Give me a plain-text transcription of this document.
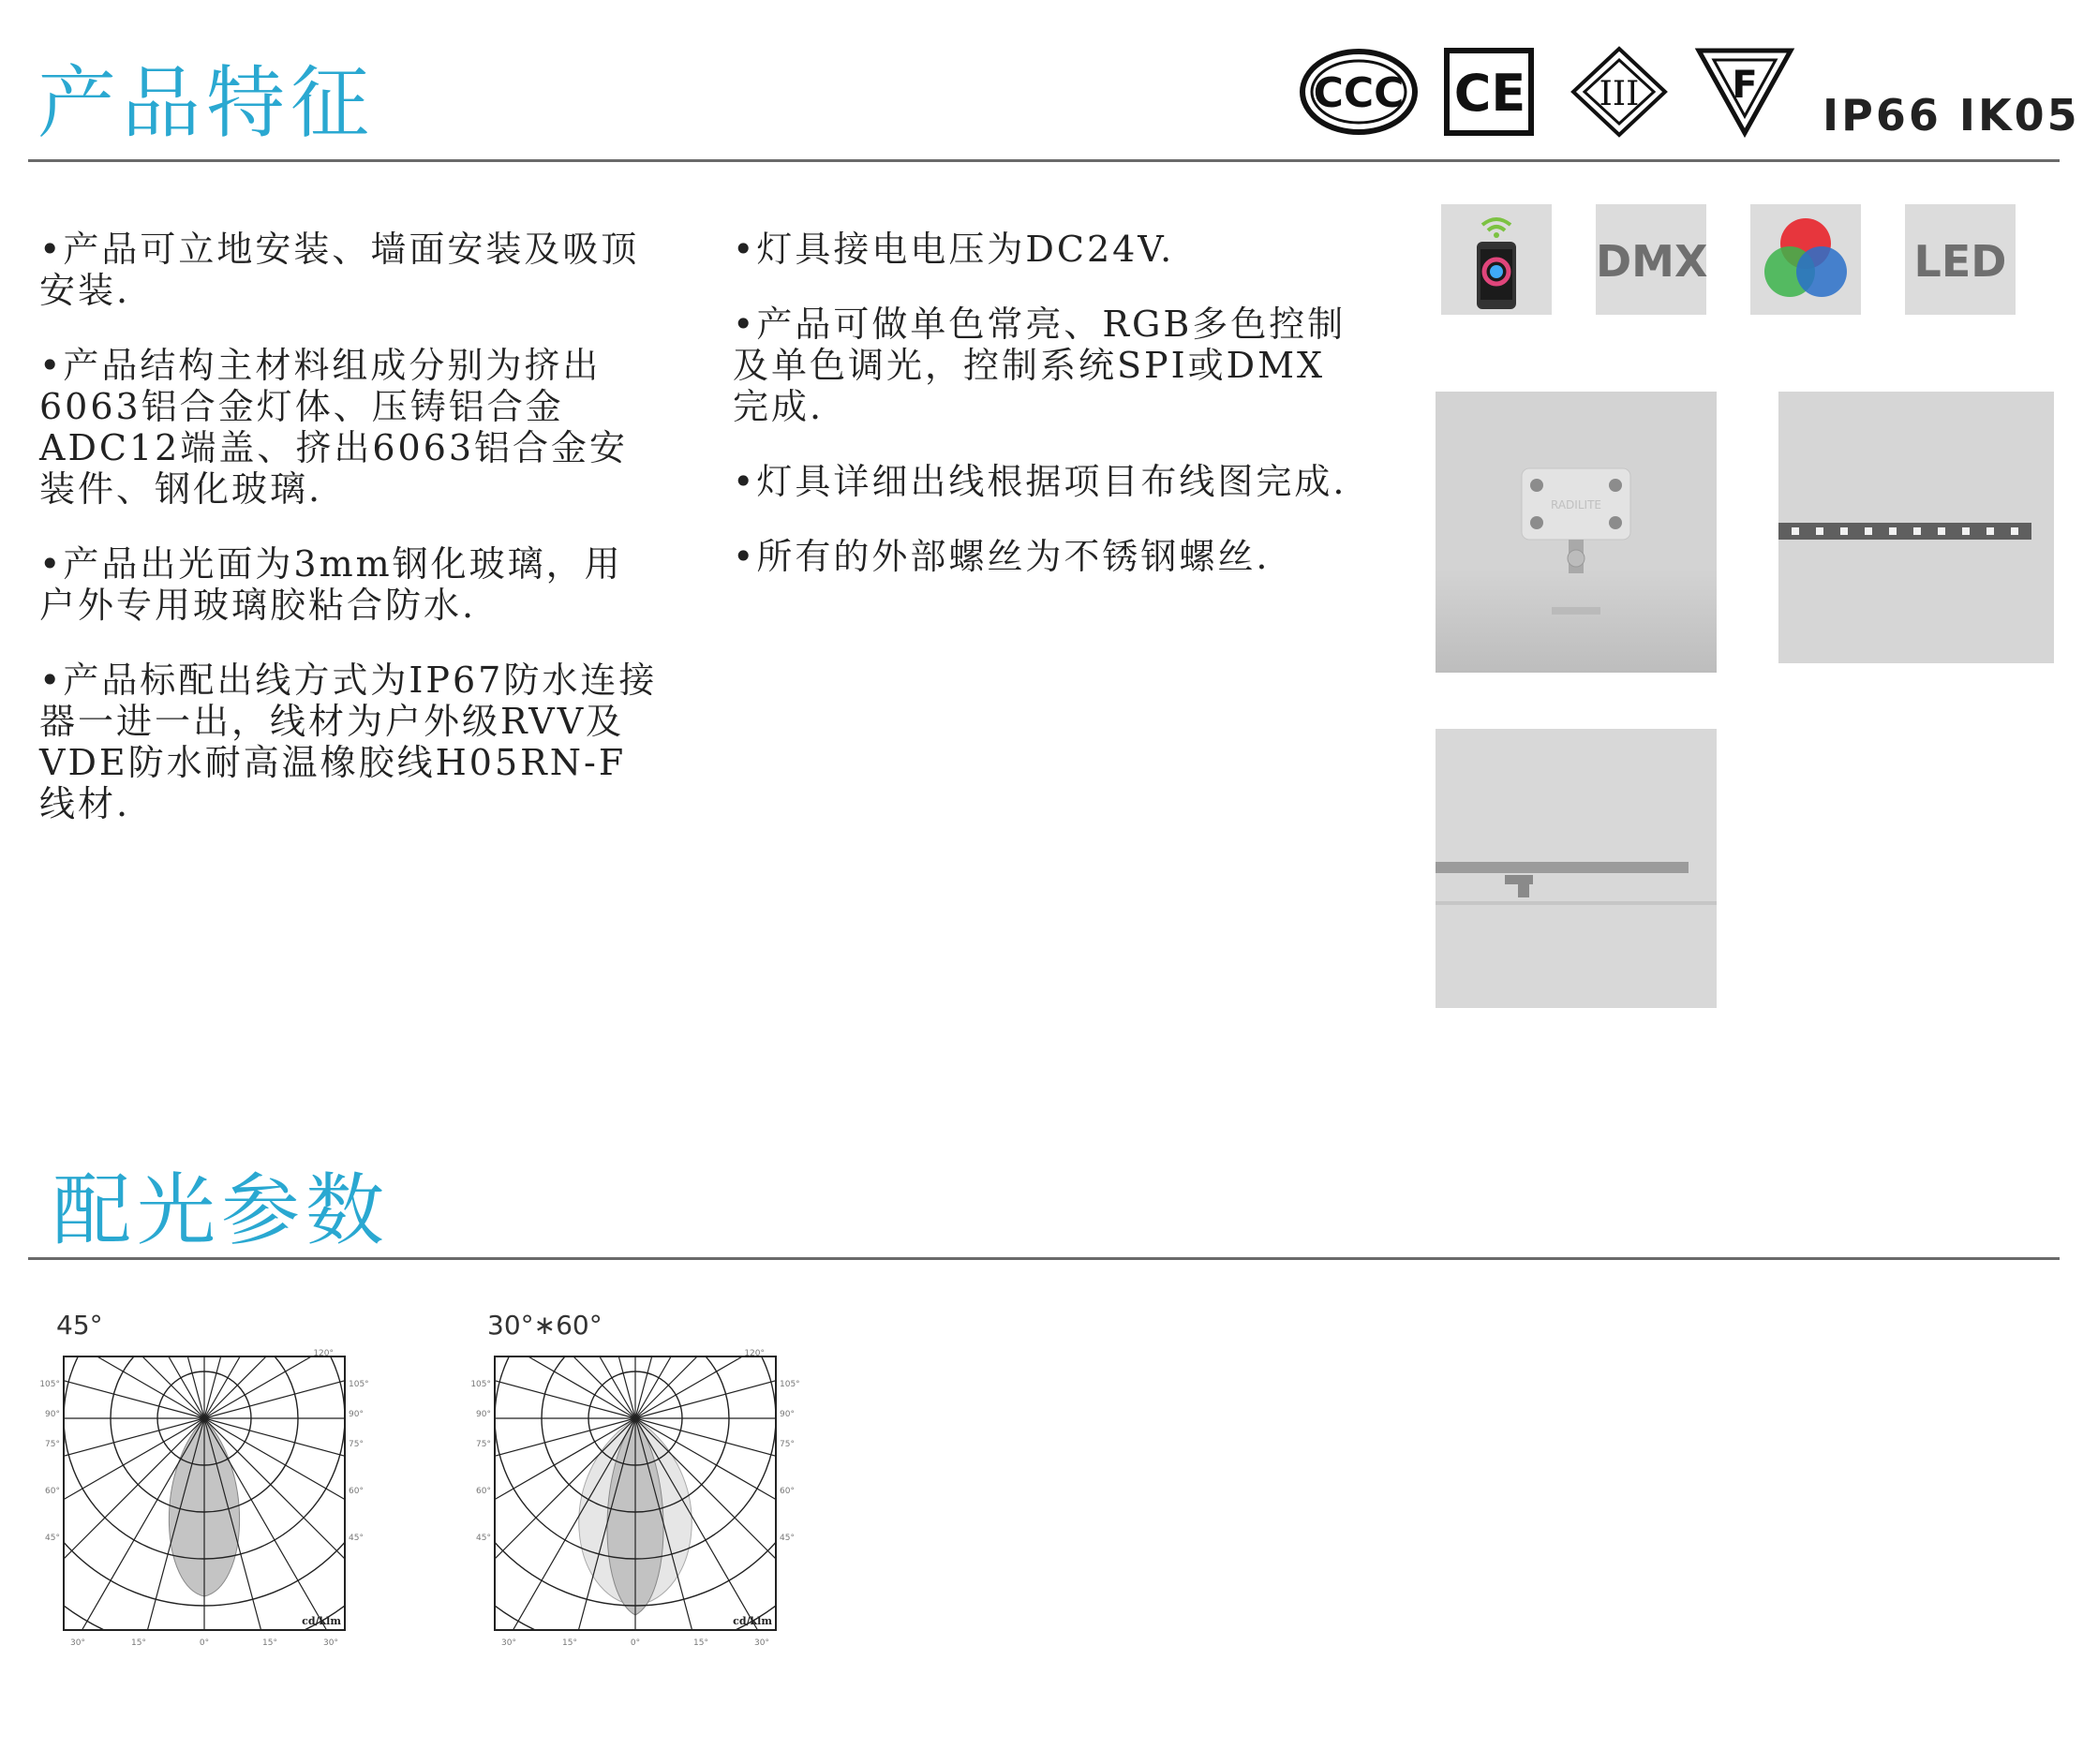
产品特征	CCC CE III F
IP66 IK05

•产品可立地安装、墙面安装及吸顶安装.

•产品结构主材料组成分别为挤出6063铝合金灯体、压铸铝合金ADC12端盖、挤出6063铝合金安装件、钢化玻璃.

•产品出光面为3mm钢化玻璃，用户外专用玻璃胶粘合防水.

•产品标配出线方式为IP67防水连接器一进一出，线材为户外级RVV及VDE防水耐高温橡胶线H05RN-F线材.

•灯具接电电压为DC24V.

•产品可做单色常亮、RGB多色控制及单色调光，控制系统SPI或DMX完成.

•灯具详细出线根据项目布线图完成.

•所有的外部螺丝为不锈钢螺丝.

DMX	LED
RADILITE
配光参数
45°
105°
90°
75°
60°
45°
105°
90°
75°
60°
45°
120°
30°	15°	0°	15°	30°
cd/klm
30°∗60°
105°
90°
75°
60°
45°
105°
90°
75°
60°
45°
120°
30°	15°	0°	15°	30°
cd/klm
